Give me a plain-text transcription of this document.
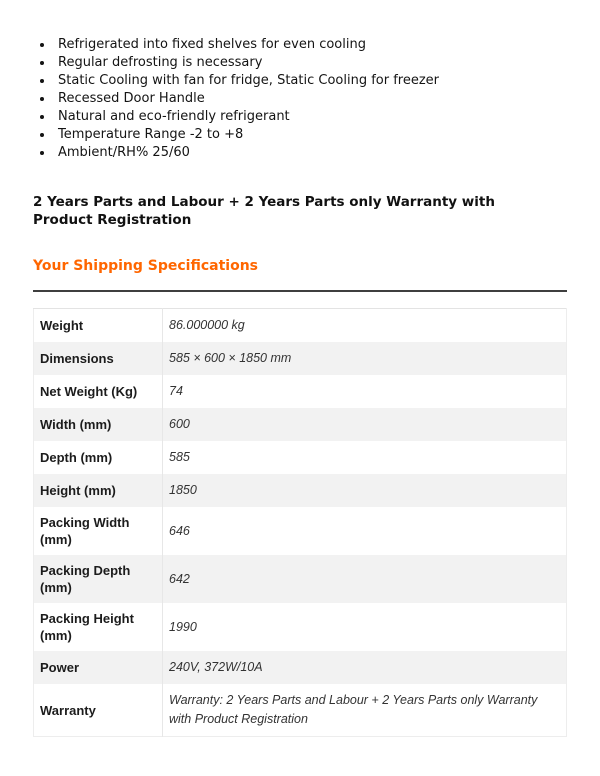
• Refrigerated into fixed shelves for even cooling
• Regular defrosting is necessary
• Static Cooling with fan for fridge, Static Cooling for freezer
• Recessed Door Handle
• Natural and eco-friendly refrigerant
• Temperature Range -2 to +8
• Ambient/RH% 25/60

2 Years Parts and Labour + 2 Years Parts only Warranty with Product Registration

Your Shipping Specifications
Weight	86.000000 kg
Dimensions	585 × 600 × 1850 mm
Net Weight (Kg)	74
Width (mm)	600
Depth (mm)	585
Height (mm)	1850
Packing Width (mm)	646
Packing Depth (mm)	642
Packing Height (mm)	1990
Power	240V, 372W/10A
Warranty	Warranty: 2 Years Parts and Labour + 2 Years Parts only Warranty with Product Registration
